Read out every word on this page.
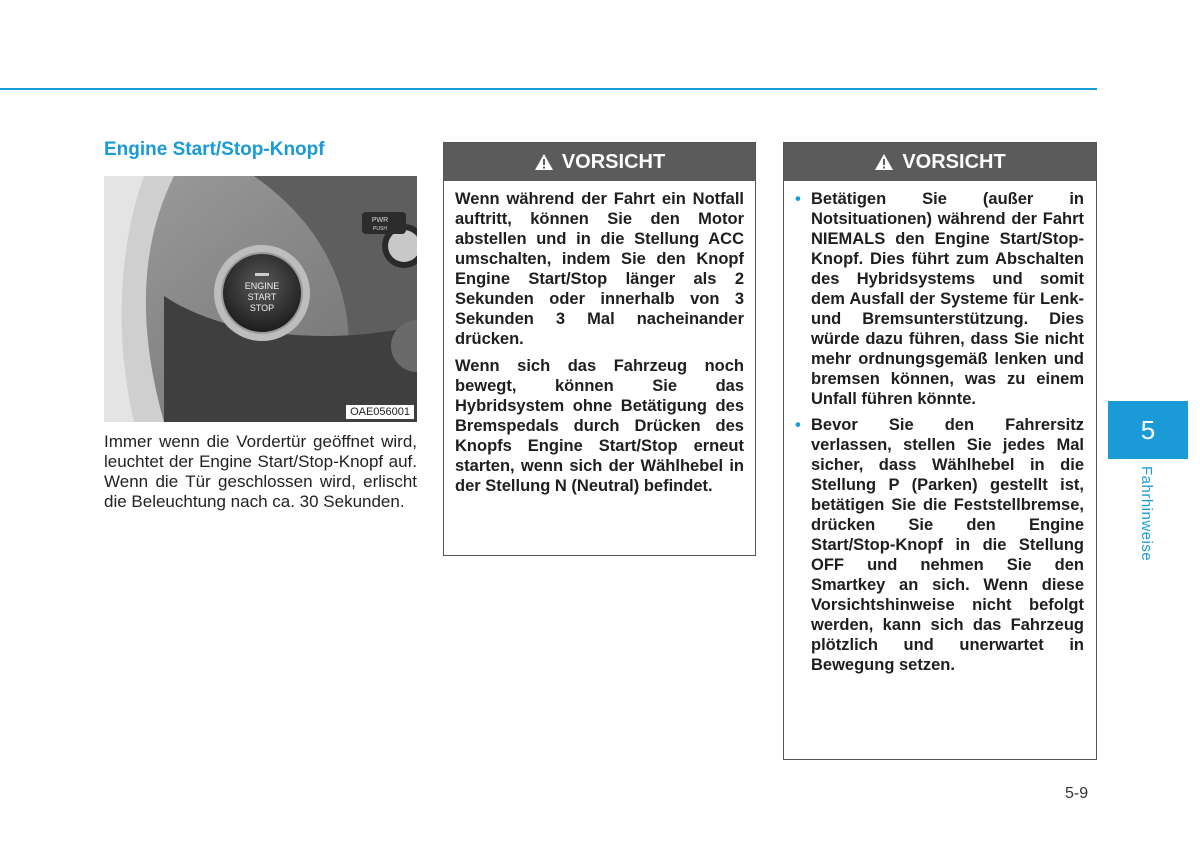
Engine Start/Stop-Knopf
ENGINE
START
STOP
PWR
PUSH
OAE056001

Immer wenn die Vordertür geöffnet wird, leuchtet der Engine Start/Stop-Knopf auf. Wenn die Tür geschlossen wird, erlischt die Beleuchtung nach ca. 30 Sekunden.

VORSICHT

Wenn während der Fahrt ein Notfall auftritt, können Sie den Motor abstellen und in die Stellung ACC umschalten, indem Sie den Knopf Engine Start/Stop länger als 2 Sekunden oder innerhalb von 3 Sekunden 3 Mal nacheinander drücken.

Wenn sich das Fahrzeug noch bewegt, können Sie das Hybridsystem ohne Betätigung des Bremspedals durch Drücken des Knopfs Engine Start/Stop erneut starten, wenn sich der Wählhebel in der Stellung N (Neutral) befindet.

VORSICHT
• Betätigen Sie (außer in Notsituationen) während der Fahrt NIEMALS den Engine Start/Stop-Knopf. Dies führt zum Abschalten des Hybridsystems und somit dem Ausfall der Systeme für Lenk- und Bremsunterstützung. Dies würde dazu führen, dass Sie nicht mehr ordnungsgemäß lenken und bremsen können, was zu einem Unfall führen könnte.
• Bevor Sie den Fahrersitz verlassen, stellen Sie jedes Mal sicher, dass Wählhebel in die Stellung P (Parken) gestellt ist, betätigen Sie die Feststellbremse, drücken Sie den Engine Start/Stop-Knopf in die Stellung OFF und nehmen Sie den Smartkey an sich. Wenn diese Vorsichtshinweise nicht befolgt werden, kann sich das Fahrzeug plötzlich und unerwartet in Bewegung setzen.
5
Fahrhinweise
5-9
